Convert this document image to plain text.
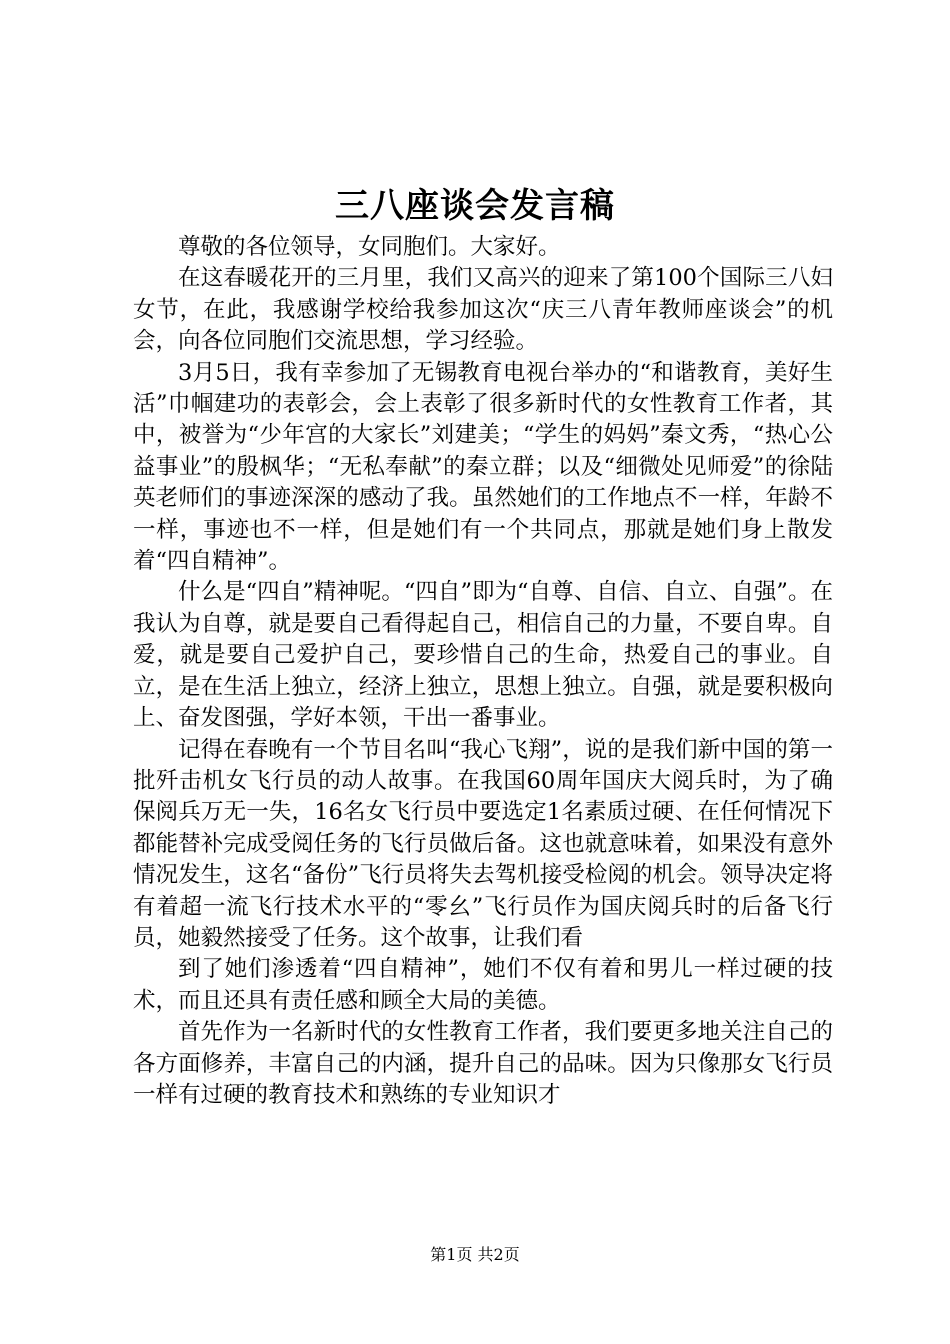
三八座谈会发言稿

尊敬的各位领导，女同胞们。大家好。

在这春暖花开的三月里，我们又高兴的迎来了第100个国际三八妇女节，在此，我感谢学校给我参加这次“庆三八青年教师座谈会”的机会，向各位同胞们交流思想，学习经验。

3月5日，我有幸参加了无锡教育电视台举办的“和谐教育，美好生活”巾帼建功的表彰会，会上表彰了很多新时代的女性教育工作者，其中，被誉为“少年宫的大家长”刘建美；“学生的妈妈”秦文秀，“热心公益事业”的殷枫华；“无私奉献”的秦立群；以及“细微处见师爱”的徐陆英老师们的事迹深深的感动了我。虽然她们的工作地点不一样，年龄不一样，事迹也不一样，但是她们有一个共同点，那就是她们身上散发着“四自精神”。

什么是“四自”精神呢。“四自”即为“自尊、自信、自立、自强”。在我认为自尊，就是要自己看得起自己，相信自己的力量，不要自卑。自爱，就是要自己爱护自己，要珍惜自己的生命，热爱自己的事业。自立，是在生活上独立，经济上独立，思想上独立。自强，就是要积极向上、奋发图强，学好本领，干出一番事业。

记得在春晚有一个节目名叫“我心飞翔”，说的是我们新中国的第一批歼击机女飞行员的动人故事。在我国60周年国庆大阅兵时，为了确保阅兵万无一失，16名女飞行员中要选定1名素质过硬、在任何情况下都能替补完成受阅任务的飞行员做后备。这也就意味着，如果没有意外情况发生，这名“备份”飞行员将失去驾机接受检阅的机会。领导决定将有着超一流飞行技术水平的“零幺”飞行员作为国庆阅兵时的后备飞行员，她毅然接受了任务。这个故事，让我们看

到了她们渗透着“四自精神”，她们不仅有着和男儿一样过硬的技术，而且还具有责任感和顾全大局的美德。

首先作为一名新时代的女性教育工作者，我们要更多地关注自己的各方面修养，丰富自己的内涵，提升自己的品味。因为只像那女飞行员一样有过硬的教育技术和熟练的专业知识才

第1页 共2页
